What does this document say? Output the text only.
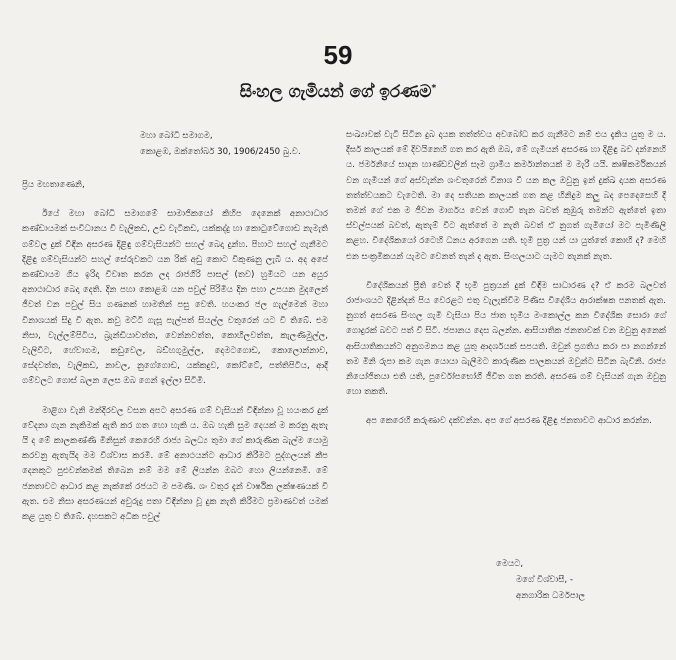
59
සිංහල ගැමියන් ගේ ඉරණම*
මහා බෝධි සමාගම,
කොළඹ, ඔක්තෝබර් 30, 1906/2450 බු.ව.

ප්‍රිය මහතාණෙනි,

ඊයේ මහා බෝධි සමාගමේ සාමාජිකයෝ කිහිප දෙනෙක් අනාථාධාර කණ්ඩායමක් සංවිධානය වී වැලිකඩ, උඩ වැටිකඩ, යක්කද්දු හා කොටුවේගොඩ නැමැති ගම්වල දුක් විඳින අසරණ දිළිඳු ගම්වැසියන්ට සහල් බෙදා දුන්හ. පිහාට සහල් ගැනීමට දිළිඳු ගම්වැසියන්ට සහල් සේරුවකට යන රික් අඩු කොට විකුණනු ලැබී ය. අද අපේ කණ්ඩායම ගිය ඉරිදා විවෘත කරන ලද රාජගිරි පාසල් (තව) හුමියට යන අයුර අනාථාධාර බෙදා දෙති. දින පහා කොළඹ යන පවුල් පිරිමිය දින පහා උපයන මුදලෙන් ජීවත් වන පවුල් සිය ගණනක් හාමතින් පසු වෙති. හයංකර ජල ගැල්මෙන් මහා විනාශයක් සිදු වී ඇත. කවු මට්ටි ගැසූ පැල්පත් සියල්ල වතුරෙන් යට වී තිබේ. එම නිසා, වැල්ලම්පිටිය, බ්‍රැන්ඩියාවත්ත, වෙන්නවත්ත, කොහිලවත්ත, කැලණිමුල්ල, වැලිවිට, හේවාගම, කඩුවෙල, බඩ්හගුමුල්ල, දෙමටගොඩ, කොලොන්නාව, සේදවත්ත, වැලිකඩ, නාවල, නුගේගොඩ, යක්කදුව, කෝට්ටේ, පත්තිපිටිය, ආදී ගම්වලට ගොස් බලන ලෙස ඔබ ගෙන් ඉල්ලා සිටිමි.

මාළිගා වැනි මන්දිරවල වසන අපට අසරණ ගම් වැසියන් විඳින්නා වූ හයංකර දුක් වේදනා ගැන නැකිමක් ඇති කර ගත හො හැකි ය. ඔබ හැකි සුම දෙයක් ම කරනු ඇතැ යි ද මේ කාලකණ්ණි මිනිසුන් කෙරෙහි රාජ්‍ය බලධ්‍ය තුමා ගේ කාරුණික බැල්ම යොමු කරවනු ඇතැයිද මම විශ්වාස කරමි. මේ අනාථයන්ට ආධාර කිරීමට පුද්ගලයන් කීප දෙනකුට පුළුවන්කමක් තිබෙන නම් මම මේ ලියන්න ඔබට හො ලියන්නෙමි. මේ ජනතාවට ආධාර කළ නැක්කේ රජයට ම පමණි. ශං වතුර දැන් වාර්ෂික ලක්ෂණයක් වී ඇත. එම නිසා අසරණයන් අවුරුදු පතා විඳින්නා වූ දුක නැති කිරීමට ප්‍රමාණවත් යමක් කළ යුතු ව තිබේ. දහසකට අධික පවුල්

සංඛ්‍යාවක් වැටී සිටින දුබ දායක තත්ත්වය අවබෝධ කර ගැනීමට නම් එය දැකිය යුතු ම ය. දීර්ඝ කාලයක් මේ දිවයිනෙහි ගත කර ඇති ඔබ, මේ ගැමියන් අසරණ හා දිළිඳු බව දන්නෙහි ය. ජර්මනියේ සාදන හාණ්ඩවලින් සෑම ග්‍රාමීය කර්මාන්තයක් ම මැරී යයි. කෘෂිකර්මිකයන් වන ගැමියන් ගේ අස්වැන්න ශංවතුරෙන් විනාශ වී යන කල ඔවුනු ඉන් දුක්ඛ දායක අසරණ තත්ත්වයකට වැටෙති. මා දෙ සතියක කාලයක් ගත කළ හිනිදුම කලු බද පෙදෙසෙහි දී තමන් ගේ එක ම ජීවන මාර්ගය වෙන් ගොවි තැන බවත් කුඹුරු තමන්ට ඇත්තේ ඉතා ස්වල්පයක් බවත්, ඇතැම් විට ඇත්තේ ම නැති බවත් ඒ නුගත් ගැමියෝ මට පැමිණිලි කළහ. විදේශිකයෝ රටෙහි ධනය අරගෙන යති. භූමි පුත්‍ර යන් යා යුත්තේ කොහි ද? මෙහි එන සංක්‍රමිකයන් යැමට වෙනත් තැන් ද ඇත. සිංහලයාට යැමට තැනක් නැත.

විදේශිකයන් ප්‍රීති වෙත් දී භූමි පුත්‍රයන් දුක් විඳීම සාධාරණ ද? ඒ කරම බලවත් රාජාංශයට දිළින්දන් පිය වෙරළට එතු වැලැක්වීම පිණිස විදේශීය ආරාක්ෂක පනතක් ඇත. නුගත් අසරණ සිංහල ගැමි වැසියා පිය ජාත භූමිය මංකොල්ල කන විදේශික සොරා ගේ ගොදුරක් බවට පත් වී සිටී. ජපානය දෙස බලන්න. ආසියාතික ජනතාවක් වන ඔවුනු අනෙක් ආසියාතිකයන්ට අනුගමනය කළ යුතු ආදර්ශයක් සපයති. ඔවුන් ප්‍රගතිය කරා පා නගන්නේ තම මිනි රුපා කම ගැන යොයා බැලීමට කාරුණික පාලකයන් ඔවුන්ට සිටින බැවිනි. රාජ්‍ය නියෝජිතයා එති යති, පුර්වෝපභෝගී ජීවිත ගත කරති. අසරණ ගම් වැසියන් ගැන ඔවුනු හො තකති.

අප කෙරෙහි කරුණාව දක්වන්න. අප ගේ අසරණ දිළිඳු ජනතාවට ආධාර කරන්න.

මෙයට,
මගේ විශ්වාසී, -
අනගාරික ධර්මපාල
